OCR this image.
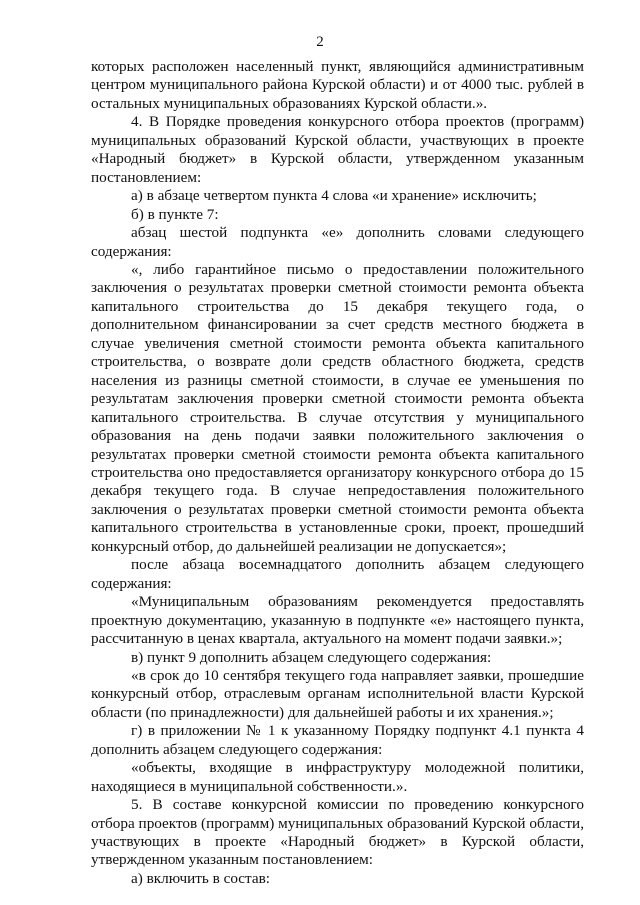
2

которых расположен населенный пункт, являющийся административным центром муниципального района Курской области) и от 4000 тыс. рублей в остальных муниципальных образованиях Курской области.».

4. В Порядке проведения конкурсного отбора проектов (программ) муниципальных образований Курской области, участвующих в проекте «Народный бюджет» в Курской области, утвержденном указанным постановлением:

а) в абзаце четвертом пункта 4 слова «и хранение» исключить;

б) в пункте 7:

абзац шестой подпункта «е» дополнить словами следующего содержания:

«, либо гарантийное письмо о предоставлении положительного заключения о результатах проверки сметной стоимости ремонта объекта капитального строительства до 15 декабря текущего года, о дополнительном финансировании за счет средств местного бюджета в случае увеличения сметной стоимости ремонта объекта капитального строительства, о возврате доли средств областного бюджета, средств населения из разницы сметной стоимости, в случае ее уменьшения по результатам заключения проверки сметной стоимости ремонта объекта капитального строительства. В случае отсутствия у муниципального образования на день подачи заявки положительного заключения о результатах проверки сметной стоимости ремонта объекта капитального строительства оно предоставляется организатору конкурсного отбора до 15 декабря текущего года. В случае непредоставления положительного заключения о результатах проверки сметной стоимости ремонта объекта капитального строительства в установленные сроки, проект, прошедший конкурсный отбор, до дальнейшей реализации не допускается»;

после абзаца восемнадцатого дополнить абзацем следующего содержания:

«Муниципальным образованиям рекомендуется предоставлять проектную документацию, указанную в подпункте «е» настоящего пункта, рассчитанную в ценах квартала, актуального на момент подачи заявки.»;

в) пункт 9 дополнить абзацем следующего содержания:

«в срок до 10 сентября текущего года направляет заявки, прошедшие конкурсный отбор, отраслевым органам исполнительной власти Курской области (по принадлежности) для дальнейшей работы и их хранения.»;

г) в приложении № 1 к указанному Порядку подпункт 4.1 пункта 4 дополнить абзацем следующего содержания:

«объекты, входящие в инфраструктуру молодежной политики, находящиеся в муниципальной собственности.».

5. В составе конкурсной комиссии по проведению конкурсного отбора проектов (программ) муниципальных образований Курской области, участвующих в проекте «Народный бюджет» в Курской области, утвержденном указанным постановлением:

а) включить в состав:
